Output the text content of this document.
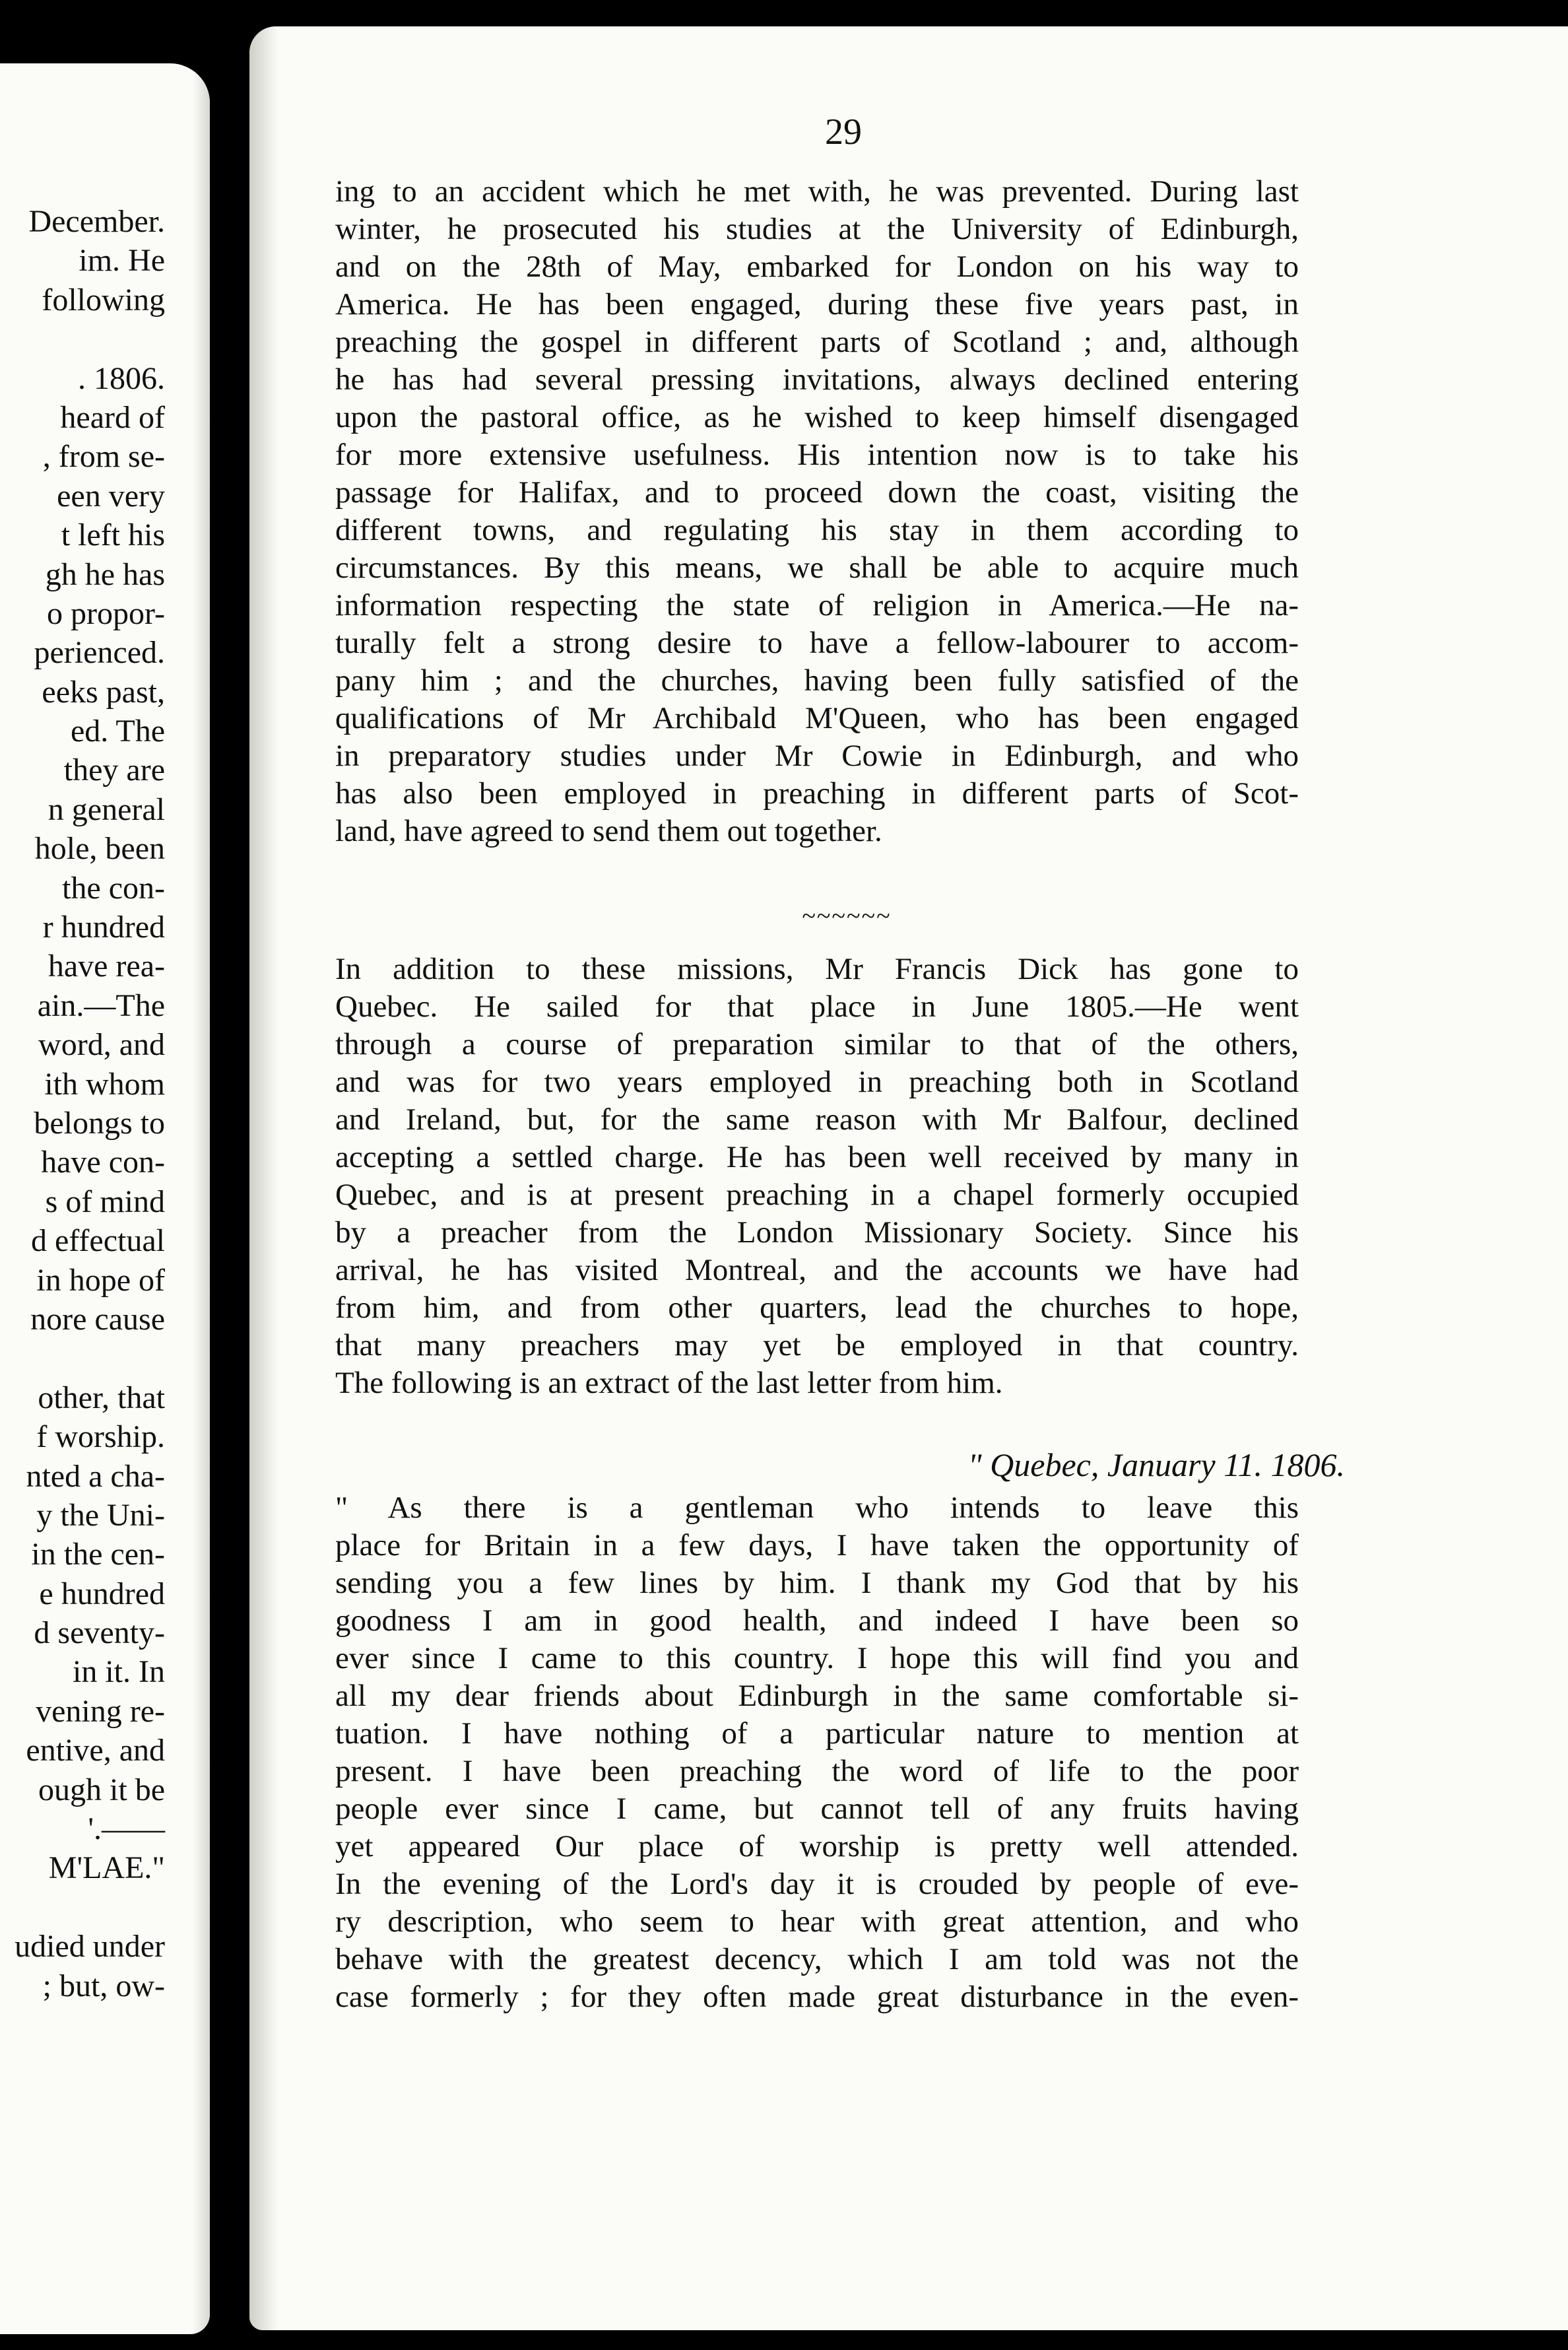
December.
im. He
following
. 1806.
heard of
, from se-
een very
t left his
gh he has
o propor-
perienced.
eeks past,
ed. The
they are
n general
hole, been
the con-
r hundred
have rea-
ain.—The
word, and
ith whom
belongs to
have con-
s of mind
d effectual
in hope of
nore cause
other, that
f worship.
nted a cha-
y the Uni-
in the cen-
e hundred
d seventy-
in it. In
vening re-
entive, and
ough it be
'.——
M'LAE."
udied under
; but, ow-
29
ing to an accident which he met with, he was prevented. During last
winter, he prosecuted his studies at the University of Edinburgh,
and on the 28th of May, embarked for London on his way to
America. He has been engaged, during these five years past, in
preaching the gospel in different parts of Scotland ; and, although
he has had several pressing invitations, always declined entering
upon the pastoral office, as he wished to keep himself disengaged
for more extensive usefulness. His intention now is to take his
passage for Halifax, and to proceed down the coast, visiting the
different towns, and regulating his stay in them according to
circumstances. By this means, we shall be able to acquire much
information respecting the state of religion in America.—He na-
turally felt a strong desire to have a fellow-labourer to accom-
pany him ; and the churches, having been fully satisfied of the
qualifications of Mr Archibald M'Queen, who has been engaged
in preparatory studies under Mr Cowie in Edinburgh, and who
has also been employed in preaching in different parts of Scot-
land, have agreed to send them out together.
~~~~~~
In addition to these missions, Mr Francis Dick has gone to
Quebec. He sailed for that place in June 1805.—He went
through a course of preparation similar to that of the others,
and was for two years employed in preaching both in Scotland
and Ireland, but, for the same reason with Mr Balfour, declined
accepting a settled charge. He has been well received by many in
Quebec, and is at present preaching in a chapel formerly occupied
by a preacher from the London Missionary Society. Since his
arrival, he has visited Montreal, and the accounts we have had
from him, and from other quarters, lead the churches to hope,
that many preachers may yet be employed in that country.
The following is an extract of the last letter from him.
" Quebec, January 11. 1806.
" As there is a gentleman who intends to leave this
place for Britain in a few days, I have taken the opportunity of
sending you a few lines by him. I thank my God that by his
goodness I am in good health, and indeed I have been so
ever since I came to this country. I hope this will find you and
all my dear friends about Edinburgh in the same comfortable si-
tuation. I have nothing of a particular nature to mention at
present. I have been preaching the word of life to the poor
people ever since I came, but cannot tell of any fruits having
yet appeared Our place of worship is pretty well attended.
In the evening of the Lord's day it is crouded by people of eve-
ry description, who seem to hear with great attention, and who
behave with the greatest decency, which I am told was not the
case formerly ; for they often made great disturbance in the even-
